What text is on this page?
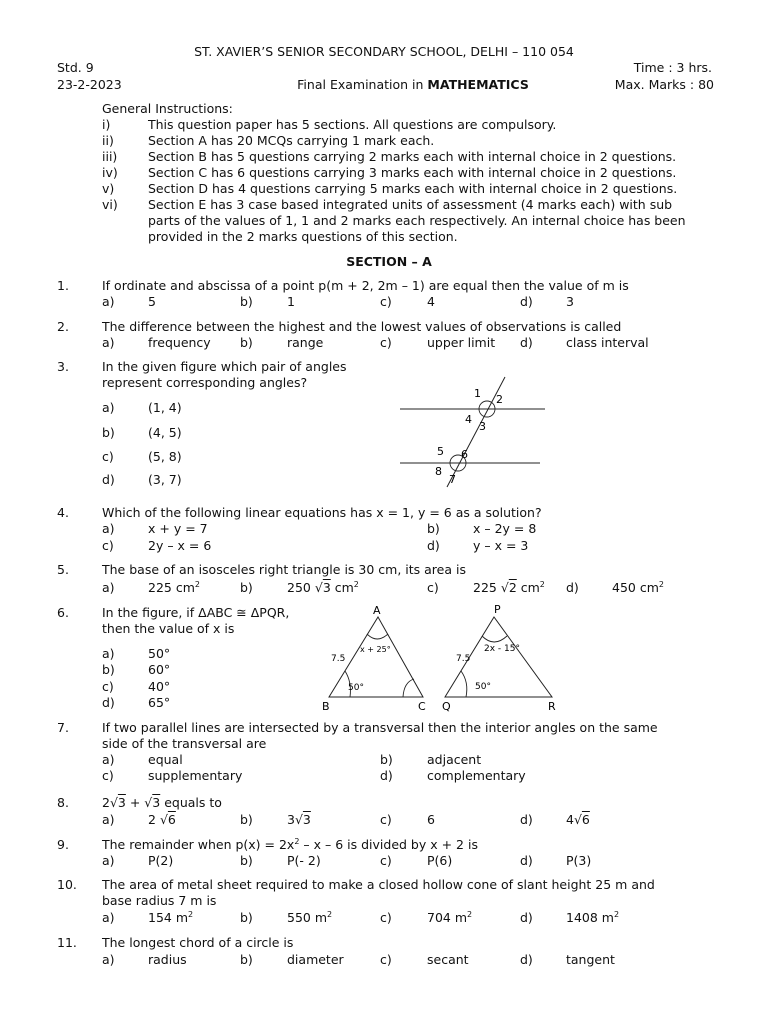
ST. XAVIER’S SENIOR SECONDARY SCHOOL, DELHI – 110 054
Std. 9	Time : 3 hrs.
23-2-2023	Final Examination in MATHEMATICS	Max. Marks : 80
General Instructions:
i)	This question paper has 5 sections. All questions are compulsory.
ii)	Section A has 20 MCQs carrying 1 mark each.
iii) Section B has 5 questions carrying 2 marks each with internal choice in 2 questions.
iv) Section C has 6 questions carrying 3 marks each with internal choice in 2 questions.
v)	Section D has 4 questions carrying 5 marks each with internal choice in 2 questions.
vi) Section E has 3 case based integrated units of assessment (4 marks each) with sub
parts of the values of 1, 1 and 2 marks each respectively. An internal choice has been
provided in the 2 marks questions of this section.
SECTION – A
1.	If ordinate and abscissa of a point p(m + 2, 2m – 1) are equal then the value of m is
a)	5	b)	1	c)	4	d)	3
2.	The difference between the highest and the lowest values of observations is called
a)	frequency b)	range	c)	upper limit d)	class interval
3.	In the given figure which pair of angles
represent corresponding angles?
a)	(1, 4)
b)	(4, 5)
c)	(5, 8)
d)	(3, 7)
1 2
3
4
5 6
7
8
4.	Which of the following linear equations has x = 1, y = 6 as a solution?
a)	x + y = 7	b)	x – 2y = 8
c)	2y – x = 6	d)	y – x = 3
5.	The base of an isosceles right triangle is 30 cm, its area is
a)	225 $cm^2$	b)	250 √3 $cm^2$	c)	225 √2 $cm^2$ d)	450 $cm^2$
6.	In the figure, if ΔABC ≅ ΔPQR,
then the value of x is
a)	50°
b)	60°
c)	40°
d)	65°
A
B	C
7.5
x + 25°
50°
P
Q	R
7.5
2x - 15°
50°
7.	If two parallel lines are intersected by a transversal then the interior angles on the same
side of the transversal are
a)	equal	b)	adjacent
c)	supplementary	d)	complementary
8.	2√3 + √3 equals to
a)	2 √6	b)	3√3	c)	6	d)	4√6
9.	The remainder when $p(x) = 2x^2 - x - 6$ is divided by x + 2 is
a)	P(2)	b)	P(- 2)	c)	P(6)	d)	P(3)
10. The area of metal sheet required to make a closed hollow cone of slant height 25 m and
base radius 7 m is
a)	154 $m^2$	b)	550 $m^2$	c)	704 $m^2$	d)	1408 $m^2$
11. The longest chord of a circle is
a)	radius	b)	diameter	c)	secant	d)	tangent
